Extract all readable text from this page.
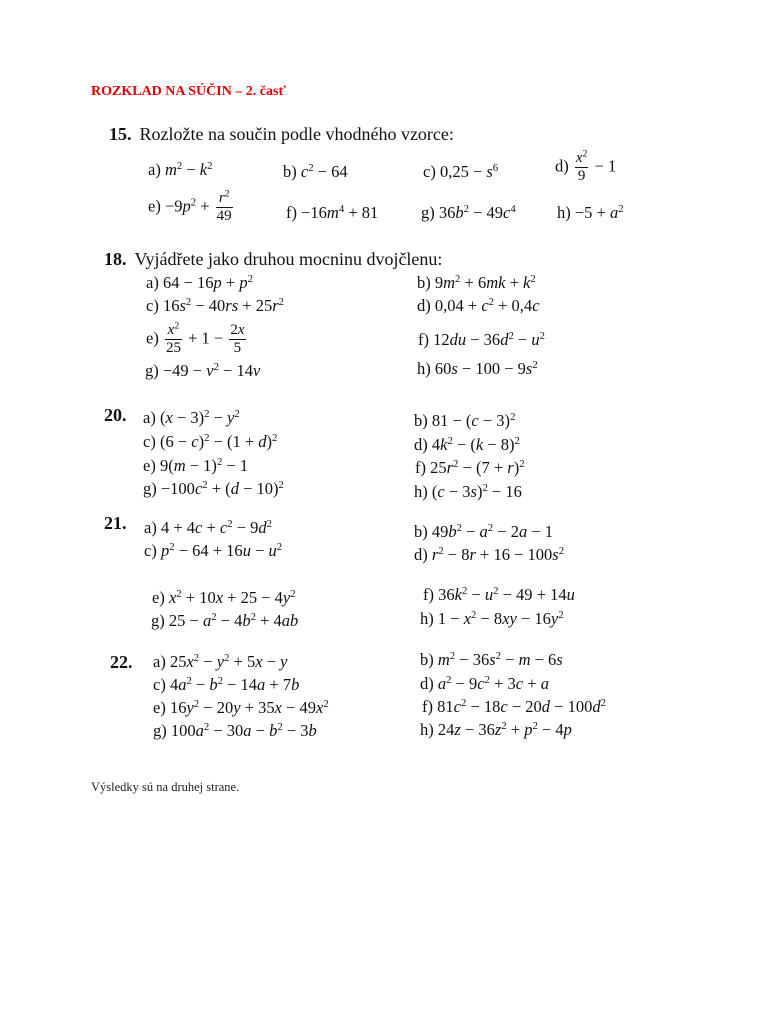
ROZKLAD NA SÚČIN – 2. časť
15. Rozložte na součin podle vhodného vzorce:
a) $m^2 - k^2$	b) $c^2 - 64$	c) $0,25 - s^6$	$d) \frac{x^2}{9} - 1$
$e) -9p^2 + \frac{r^2}{49}$	$f) -16m^4 + 81$	g) $36b^2 - 49c^4$	$h) -5 + a^2$
18. Vyjádřete jako druhou mocninu dvojčlenu:
a) $64 - 16p + p^2$	b) $9m^2 + 6mk + k^2$
c) $16s^2 - 40rs + 25r^2$	d) $0,04 + c^2 + 0,4c$
$e) \frac{x^2}{25} + 1 - \frac{2x}{5}$	f) $12du - 36d^2 - u^2$
$g) -49 - v^2 - 14v$	h) $60s - 100 - 9s^2$
20.	a) $(x - 3)^2 - y^2$	b) $81 - (c - 3)^2$
c) $(6 - c)^2 - (1 + d)^2$	d) $4k^2 - (k - 8)^2$
e) $9(m - 1)^2 - 1$	f) $25r^2 - (7 + r)^2$
$g) -100c^2 + (d - 10)^2$	h) $(c - 3s)^2 - 16$
21.	a) $4 + 4c + c^2 - 9d^2$	b) $49b^2 - a^2 - 2a - 1$
c) $p^2 - 64 + 16u - u^2$	d) $r^2 - 8r + 16 - 100s^2$
e) $x^2 + 10x + 25 - 4y^2$	f) $36k^2 - u^2 - 49 + 14u$
g) $25 - a^2 - 4b^2 + 4ab$	h) $1 - x^2 - 8xy - 16y^2$
22.	a) $25x^2 - y^2 + 5x - y$	b) $m^2 - 36s^2 - m - 6s$
c) $4a^2 - b^2 - 14a + 7b$	d) $a^2 - 9c^2 + 3c + a$
e) $16y^2 - 20y + 35x - 49x^2$	f) $81c^2 - 18c - 20d - 100d^2$
g) $100a^2 - 30a - b^2 - 3b$	h) $24z - 36z^2 + p^2 - 4p$
Výsledky sú na druhej strane.
